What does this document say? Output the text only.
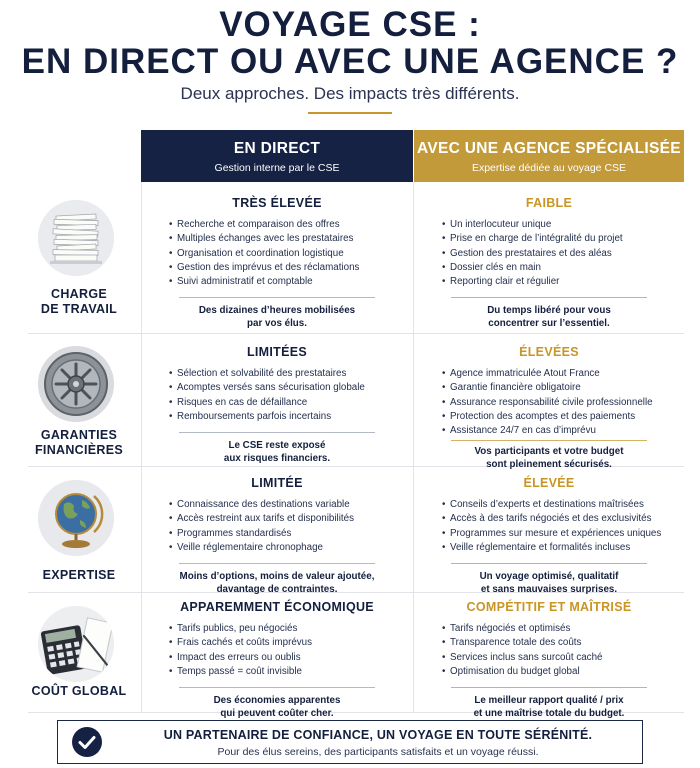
VOYAGE CSE :
EN DIRECT OU AVEC UNE AGENCE ?
Deux approches. Des impacts très différents.
EN DIRECT
Gestion interne par le CSE
AVEC UNE AGENCE SPÉCIALISÉE
Expertise dédiée au voyage CSE
CHARGE
DE TRAVAIL
TRÈS ÉLEVÉE
• Recherche et comparaison des offres
• Multiples échanges avec les prestataires
• Organisation et coordination logistique
• Gestion des imprévus et des réclamations
• Suivi administratif et comptable
Des dizaines d’heures mobilisées
par vos élus.
FAIBLE
• Un interlocuteur unique
• Prise en charge de l’intégralité du projet
• Gestion des prestataires et des aléas
• Dossier clés en main
• Reporting clair et régulier
Du temps libéré pour vous
concentrer sur l’essentiel.
GARANTIES
FINANCIÈRES
LIMITÉES
• Sélection et solvabilité des prestataires
• Acomptes versés sans sécurisation globale
• Risques en cas de défaillance
• Remboursements parfois incertains
Le CSE reste exposé
aux risques financiers.
ÉLEVÉES
• Agence immatriculée Atout France
• Garantie financière obligatoire
• Assurance responsabilité civile professionnelle
• Protection des acomptes et des paiements
• Assistance 24/7 en cas d’imprévu
Vos participants et votre budget
sont pleinement sécurisés.
EXPERTISE
LIMITÉE
• Connaissance des destinations variable
• Accès restreint aux tarifs et disponibilités
• Programmes standardisés
• Veille réglementaire chronophage
Moins d’options, moins de valeur ajoutée,
davantage de contraintes.
ÉLEVÉE
• Conseils d’experts et destinations maîtrisées
• Accès à des tarifs négociés et des exclusivités
• Programmes sur mesure et expériences uniques
• Veille réglementaire et formalités incluses
Un voyage optimisé, qualitatif
et sans mauvaises surprises.
COÛT GLOBAL
APPAREMMENT ÉCONOMIQUE
• Tarifs publics, peu négociés
• Frais cachés et coûts imprévus
• Impact des erreurs ou oublis
• Temps passé = coût invisible
Des économies apparentes
qui peuvent coûter cher.
COMPÉTITIF ET MAÎTRISÉ
• Tarifs négociés et optimisés
• Transparence totale des coûts
• Services inclus sans surcoût caché
• Optimisation du budget global
Le meilleur rapport qualité / prix
et une maîtrise totale du budget.
UN PARTENAIRE DE CONFIANCE, UN VOYAGE EN TOUTE SÉRÉNITÉ.
Pour des élus sereins, des participants satisfaits et un voyage réussi.
